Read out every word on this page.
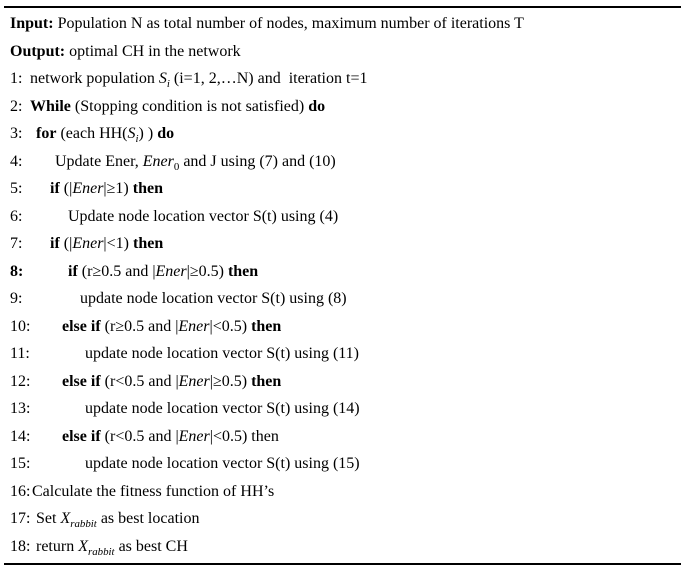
Input: Population N as total number of nodes, maximum number of iterations T
Output: optimal CH in the network
1: network population $S_i$ (i=1, 2,…N) and  iteration t=1
2: While (Stopping condition is not satisfied) do
3: for (each $HH(S_i)$ ) do
4: Update Ener, Ener$_0$ and J using (7) and (10)
5: if (|Ener|≥1) then
6:	Update node location vector S(t) using (4)
7: if (|Ener|<1) then
8:	if (r≥0.5 and |Ener|≥0.5) then
9:	update node location vector S(t) using (8)
10: else if (r≥0.5 and |Ener|<0.5) then
11:	update node location vector S(t) using (11)
12: else if (r<0.5 and |Ener|≥0.5) then
13:	update node location vector S(t) using (14)
14: else if (r<0.5 and |Ener|<0.5) then
15:	update node location vector S(t) using (15)
16: Calculate the fitness function of HH’s
17: Set $X_{rabbit}$ as best location
18: return $X_{rabbit}$ as best CH
